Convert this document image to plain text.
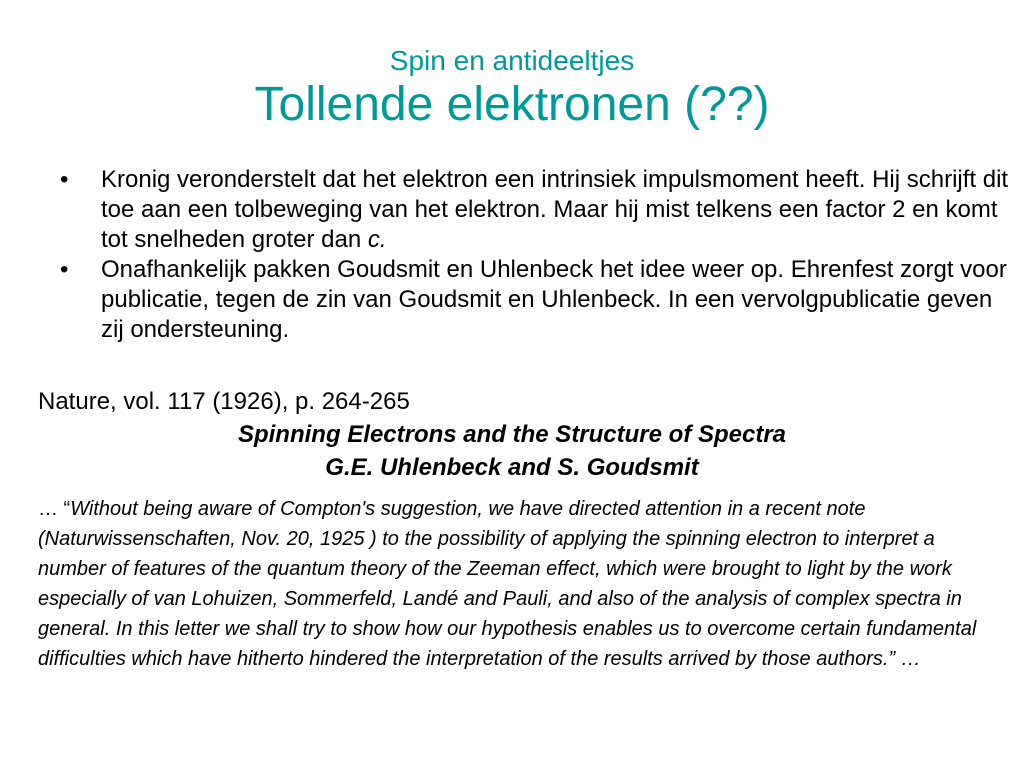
Spin en antideeltjes

Tollende elektronen (??)

• Kronig veronderstelt dat het elektron een intrinsiek impulsmoment heeft. Hij schrijft dit toe aan een tolbeweging van het elektron. Maar hij mist telkens een factor 2 en komt tot snelheden groter dan c.
• Onafhankelijk pakken Goudsmit en Uhlenbeck het idee weer op. Ehrenfest zorgt voor publicatie, tegen de zin van Goudsmit en Uhlenbeck. In een vervolgpublicatie geven zij ondersteuning.
Nature, vol. 117 (1926), p. 264-265
Spinning Electrons and the Structure of Spectra
G.E. Uhlenbeck and S. Goudsmit

… “Without being aware of Compton's suggestion, we have directed attention in a recent note (Naturwissenschaften, Nov. 20, 1925 ) to the possibility of applying the spinning electron to interpret a number of features of the quantum theory of the Zeeman effect, which were brought to light by the work especially of van Lohuizen, Sommerfeld, Landé and Pauli, and also of the analysis of complex spectra in general. In this letter we shall try to show how our hypothesis enables us to overcome certain fundamental difficulties which have hitherto hindered the interpretation of the results arrived by those authors.” …
